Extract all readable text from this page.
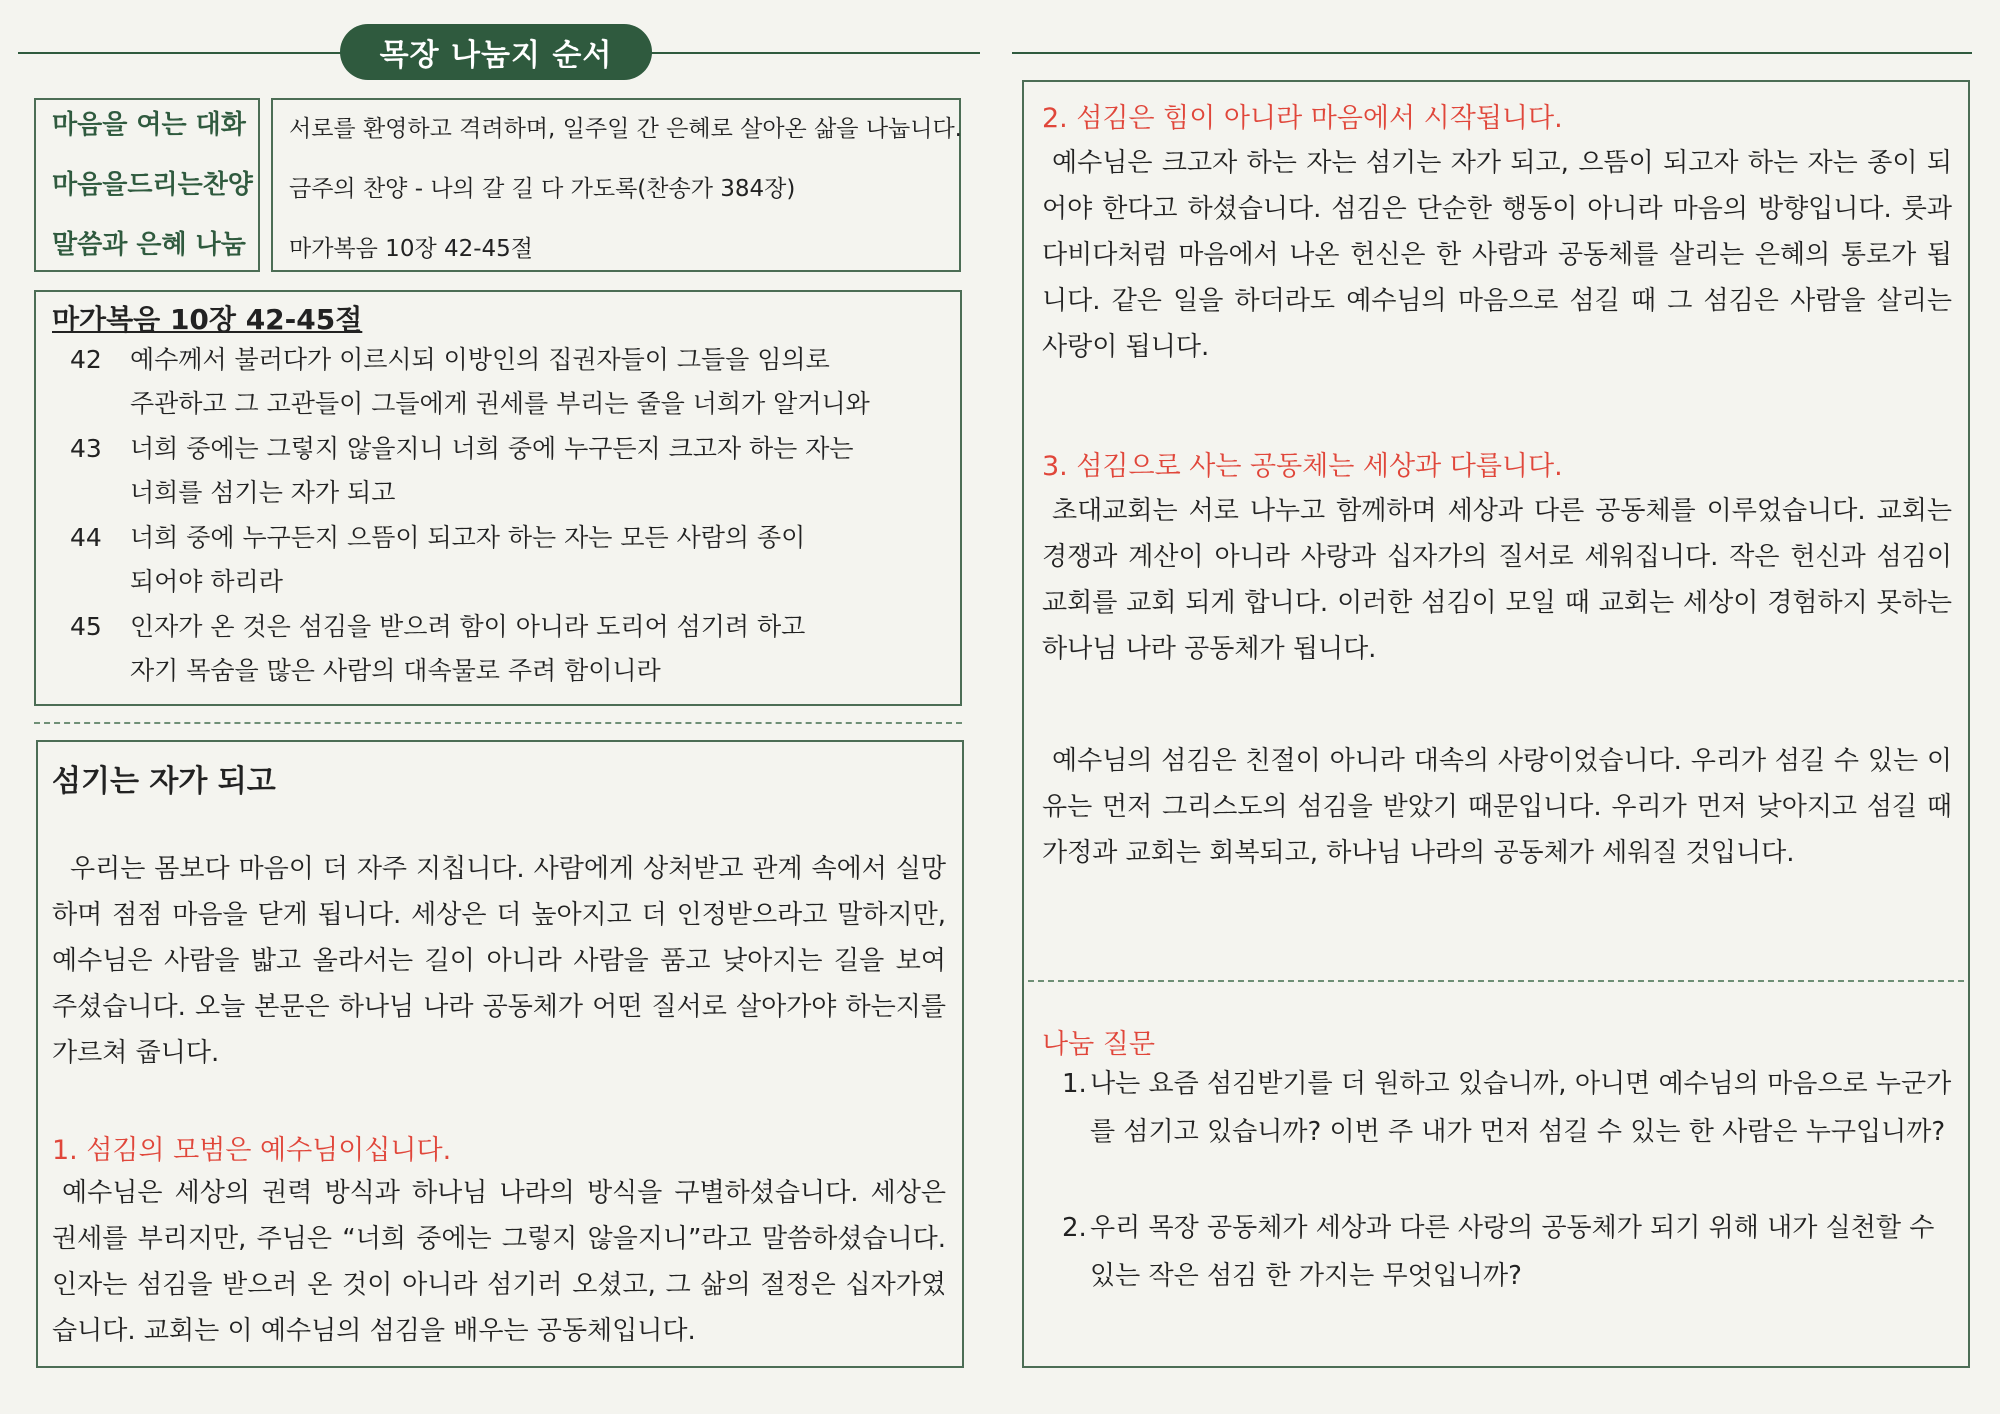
목장 나눔지 순서
마음을 여는 대화
마음을드리는찬양
말씀과 은혜 나눔
서로를 환영하고 격려하며, 일주일 간 은혜로 살아온 삶을 나눕니다.
금주의 찬양 - 나의 갈 길 다 가도록(찬송가 384장)
마가복음 10장 42-45절
마가복음 10장 42-45절
42 예수께서 불러다가 이르시되 이방인의 집권자들이 그들을 임의로
주관하고 그 고관들이 그들에게 권세를 부리는 줄을 너희가 알거니와
43 너희 중에는 그렇지 않을지니 너희 중에 누구든지 크고자 하는 자는
너희를 섬기는 자가 되고
44 너희 중에 누구든지 으뜸이 되고자 하는 자는 모든 사람의 종이
되어야 하리라
45 인자가 온 것은 섬김을 받으려 함이 아니라 도리어 섬기려 하고
자기 목숨을 많은 사람의 대속물로 주려 함이니라
섬기는 자가 되고
우리는 몸보다 마음이 더 자주 지칩니다. 사람에게 상처받고 관계 속에서 실망하며 점점 마음을 닫게 됩니다. 세상은 더 높아지고 더 인정받으라고 말하지만, 예수님은 사람을 밟고 올라서는 길이 아니라 사람을 품고 낮아지는 길을 보여 주셨습니다. 오늘 본문은 하나님 나라 공동체가 어떤 질서로 살아가야 하는지를 가르쳐 줍니다.
1. 섬김의 모범은 예수님이십니다.
예수님은 세상의 권력 방식과 하나님 나라의 방식을 구별하셨습니다. 세상은 권세를 부리지만, 주님은 “너희 중에는 그렇지 않을지니”라고 말씀하셨습니다. 인자는 섬김을 받으러 온 것이 아니라 섬기러 오셨고, 그 삶의 절정은 십자가였습니다. 교회는 이 예수님의 섬김을 배우는 공동체입니다.
2. 섬김은 힘이 아니라 마음에서 시작됩니다.
예수님은 크고자 하는 자는 섬기는 자가 되고, 으뜸이 되고자 하는 자는 종이 되어야 한다고 하셨습니다. 섬김은 단순한 행동이 아니라 마음의 방향입니다. 룻과 다비다처럼 마음에서 나온 헌신은 한 사람과 공동체를 살리는 은혜의 통로가 됩니다. 같은 일을 하더라도 예수님의 마음으로 섬길 때 그 섬김은 사람을 살리는 사랑이 됩니다.
3. 섬김으로 사는 공동체는 세상과 다릅니다.
초대교회는 서로 나누고 함께하며 세상과 다른 공동체를 이루었습니다. 교회는 경쟁과 계산이 아니라 사랑과 십자가의 질서로 세워집니다. 작은 헌신과 섬김이 교회를 교회 되게 합니다. 이러한 섬김이 모일 때 교회는 세상이 경험하지 못하는 하나님 나라 공동체가 됩니다.
예수님의 섬김은 친절이 아니라 대속의 사랑이었습니다. 우리가 섬길 수 있는 이유는 먼저 그리스도의 섬김을 받았기 때문입니다. 우리가 먼저 낮아지고 섬길 때 가정과 교회는 회복되고, 하나님 나라의 공동체가 세워질 것입니다.
나눔 질문
1. 나는 요즘 섬김받기를 더 원하고 있습니까, 아니면 예수님의 마음으로 누군가를 섬기고 있습니까? 이번 주 내가 먼저 섬길 수 있는 한 사람은 누구입니까?
2. 우리 목장 공동체가 세상과 다른 사랑의 공동체가 되기 위해 내가 실천할 수 있는 작은 섬김 한 가지는 무엇입니까?
